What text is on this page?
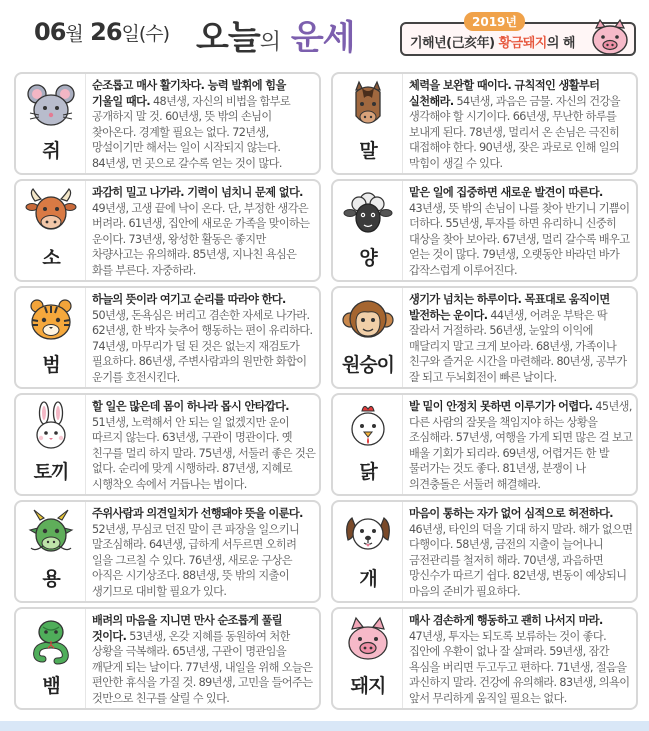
06월 26일(수) 오늘의 운세	2019년
기해년(己亥年) 황금돼지의 해
쥐
순조롭고 매사 활기차다. 능력 발휘에 힘을 기울일 때다. 48년생, 자신의 비법을 함부로 공개하지 말 것. 60년생, 뜻 밖의 손님이 찾아온다. 경계할 필요는 없다. 72년생, 망설이기만 해서는 일이 시작되지 않는다. 84년생, 먼 곳으로 갈수록 얻는 것이 많다.
말
체력을 보완할 때이다. 규칙적인 생활부터 실천해라. 54년생, 과음은 금물. 자신의 건강을 생각해야 할 시기이다. 66년생, 무난한 하루를 보내게 된다. 78년생, 멀리서 온 손님은 극진히 대접해야 한다. 90년생, 잦은 과로로 인해 일의 막힘이 생길 수 있다.
소
과감히 밀고 나가라. 기력이 넘치니 문제 없다. 49년생, 고생 끝에 낙이 온다. 단, 부정한 생각은 버려라. 61년생, 집안에 새로운 가족을 맞이하는 운이다. 73년생, 왕성한 활동은 좋지만 차량사고는 유의해라. 85년생, 지나친 욕심은 화를 부른다. 자중하라.
양
맡은 일에 집중하면 새로운 발견이 따른다. 43년생, 뜻 밖의 손님이 나를 찾아 반기니 기쁨이 더하다. 55년생, 투자를 하면 유리하니 신중히 대상을 찾아 보아라. 67년생, 멀리 갈수록 배우고 얻는 것이 많다. 79년생, 오랫동안 바라던 바가 갑작스럽게 이루어진다.
범
하늘의 뜻이라 여기고 순리를 따라야 한다. 50년생, 돈욕심은 버리고 겸손한 자세로 나가라. 62년생, 한 박자 늦추어 행동하는 편이 유리하다. 74년생, 마무리가 덜 된 것은 없는지 재검토가 필요하다. 86년생, 주변사람과의 원만한 화합이 운기를 호전시킨다.
원숭이
생기가 넘치는 하루이다. 목표대로 움직이면 발전하는 운이다. 44년생, 어려운 부탁은 딱 잘라서 거절하라. 56년생, 눈앞의 이익에 매달리지 말고 크게 보아라. 68년생, 가족이나 친구와 즐거운 시간을 마련해라. 80년생, 공부가 잘 되고 두뇌회전이 빠른 날이다.
토끼
할 일은 많은데 몸이 하나라 몹시 안타깝다. 51년생, 노력해서 안 되는 일 없겠지만 운이 따르지 않는다. 63년생, 구관이 명관이다. 옛 친구를 멀리 하지 말라. 75년생, 서둘러 좋은 것은 없다. 순리에 맞게 시행하라. 87년생, 지혜로 시행착오 속에서 거듭나는 법이다.
닭
발 밑이 안정치 못하면 이루기가 어렵다. 45년생, 다른 사람의 잘못을 책임지야 하는 상황을 조심해라. 57년생, 여행을 가게 되면 많은 걸 보고 배울 기회가 되리라. 69년생, 어렵거든 한 발 물러가는 것도 좋다. 81년생, 분쟁이 나 의견충돌은 서둘러 해결해라.
용
주위사람과 의견일치가 선행돼야 뜻을 이룬다. 52년생, 무심코 던진 말이 큰 파장을 일으키니 말조심해라. 64년생, 급하게 서두르면 오히려 일을 그르칠 수 있다. 76년생, 새로운 구상은 아직은 시기상조다. 88년생, 뜻 밖의 지출이 생기므로 대비할 필요가 있다.
개
마음이 통하는 자가 없어 심적으로 허전하다. 46년생, 타인의 덕을 기대 하지 말라. 해가 없으면 다행이다. 58년생, 금전의 지출이 늘어나니 금전관리를 철저히 해라. 70년생, 과음하면 망신수가 따르기 쉽다. 82년생, 변동이 예상되니 마음의 준비가 필요하다.
뱀
배려의 마음을 지니면 만사 순조롭게 풀릴 것이다. 53년생, 온갖 지혜를 동원하여 처한 상황을 극복해라. 65년생, 구관이 명관임을 깨닫게 되는 날이다. 77년생, 내일을 위해 오늘은 편안한 휴식을 가질 것. 89년생, 고민을 들어주는 것만으로 친구를 살릴 수 있다.
돼지
매사 겸손하게 행동하고 괜히 나서지 마라. 47년생, 투자는 되도록 보류하는 것이 좋다. 집안에 우환이 없나 잘 살펴라. 59년생, 잠간 욕심을 버리면 두고두고 편하다. 71년생, 절음을 과신하지 말라. 건강에 유의해라. 83년생, 의욕이 앞서 무리하게 움직일 필요는 없다.
